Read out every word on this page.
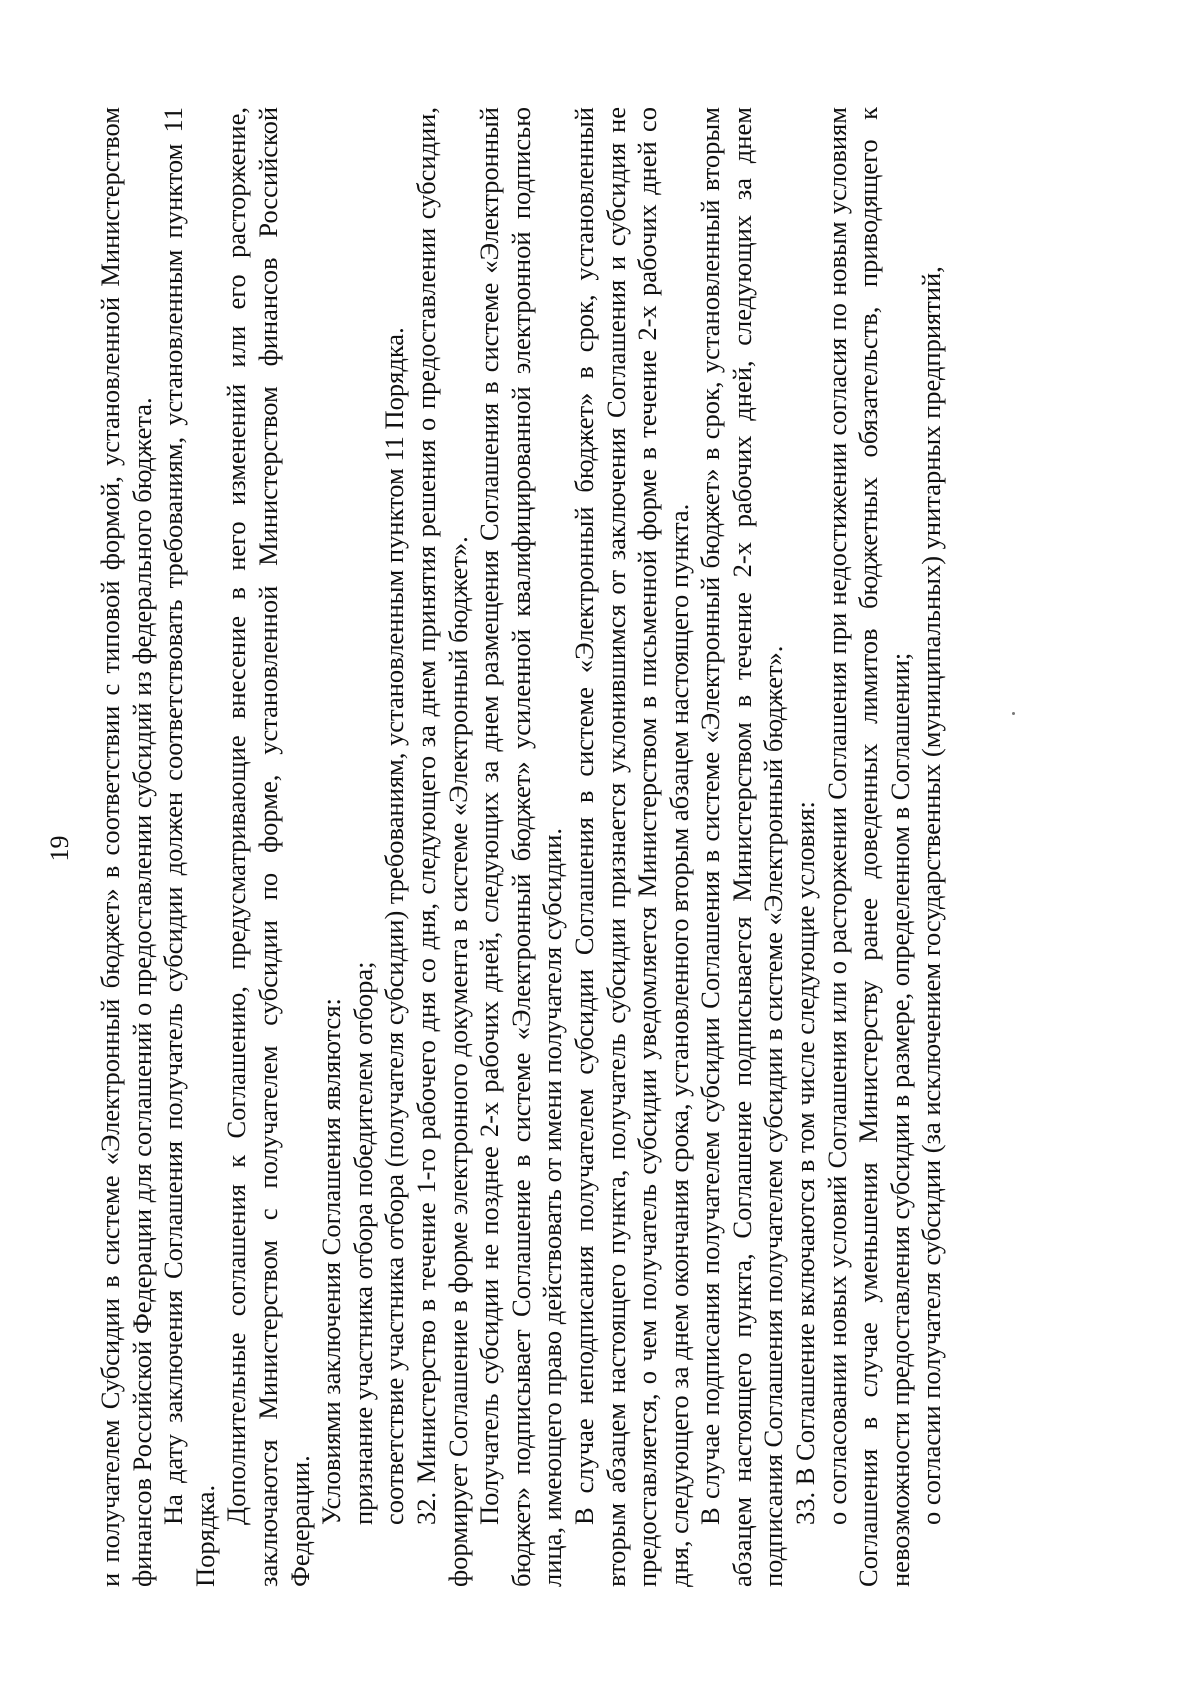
19 и получателем Субсидии в системе «Электронный бюджет» в соответствии с типовой формой, установленной Министерством финансов Российской Федерации для соглашений о предоставлении субсидий из федерального бюджета. На дату заключения Соглашения получатель субсидии должен соответствовать требованиям, установленным пунктом 11 Порядка.

Дополнительные соглашения к Соглашению, предусматривающие внесение в него изменений или его расторжение, заключаются Министерством с получателем субсидии по форме, установленной Министерством финансов Российской Федерации. Условиями заключения Соглашения являются: признание участника отбора победителем отбора; соответствие участника отбора (получателя субсидии) требованиям, установленным пунктом 11 Порядка. 32. Министерство в течение 1-го рабочего дня со дня, следующего за днем принятия решения о предоставлении субсидии, формирует Соглашение в форме электронного документа в системе «Электронный бюджет». Получатель субсидии не позднее 2-х рабочих дней, следующих за днем размещения Соглашения в системе «Электронный бюджет» подписывает Соглашение в системе «Электронный бюджет» усиленной квалифицированной электронной подписью лица, имеющего право действовать от имени получателя субсидии. В случае неподписания получателем субсидии Соглашения в системе «Электронный бюджет» в срок, установленный вторым абзацем настоящего пункта, получатель субсидии признается уклонившимся от заключения Соглашения и субсидия не предоставляется, о чем получатель субсидии уведомляется Министерством в письменной форме в течение 2-х рабочих дней со дня, следующего за днем окончания срока, установленного вторым абзацем настоящего пункта. В случае подписания получателем субсидии Соглашения в системе «Электронный бюджет» в срок, установленный вторым абзацем настоящего пункта, Соглашение подписывается Министерством в течение 2-х рабочих дней, следующих за днем подписания Соглашения получателем субсидии в системе «Электронный бюджет». 33. В Соглашение включаются в том числе следующие условия: о согласовании новых условий Соглашения или о расторжении Соглашения при недостижении согласия по новым условиям Соглашения в случае уменьшения Министерству ранее доведенных лимитов бюджетных обязательств, приводящего к невозможности предоставления субсидии в размере, определенном в Соглашении; о согласии получателя субсидии (за исключением государственных (муниципальных) унитарных предприятий,
